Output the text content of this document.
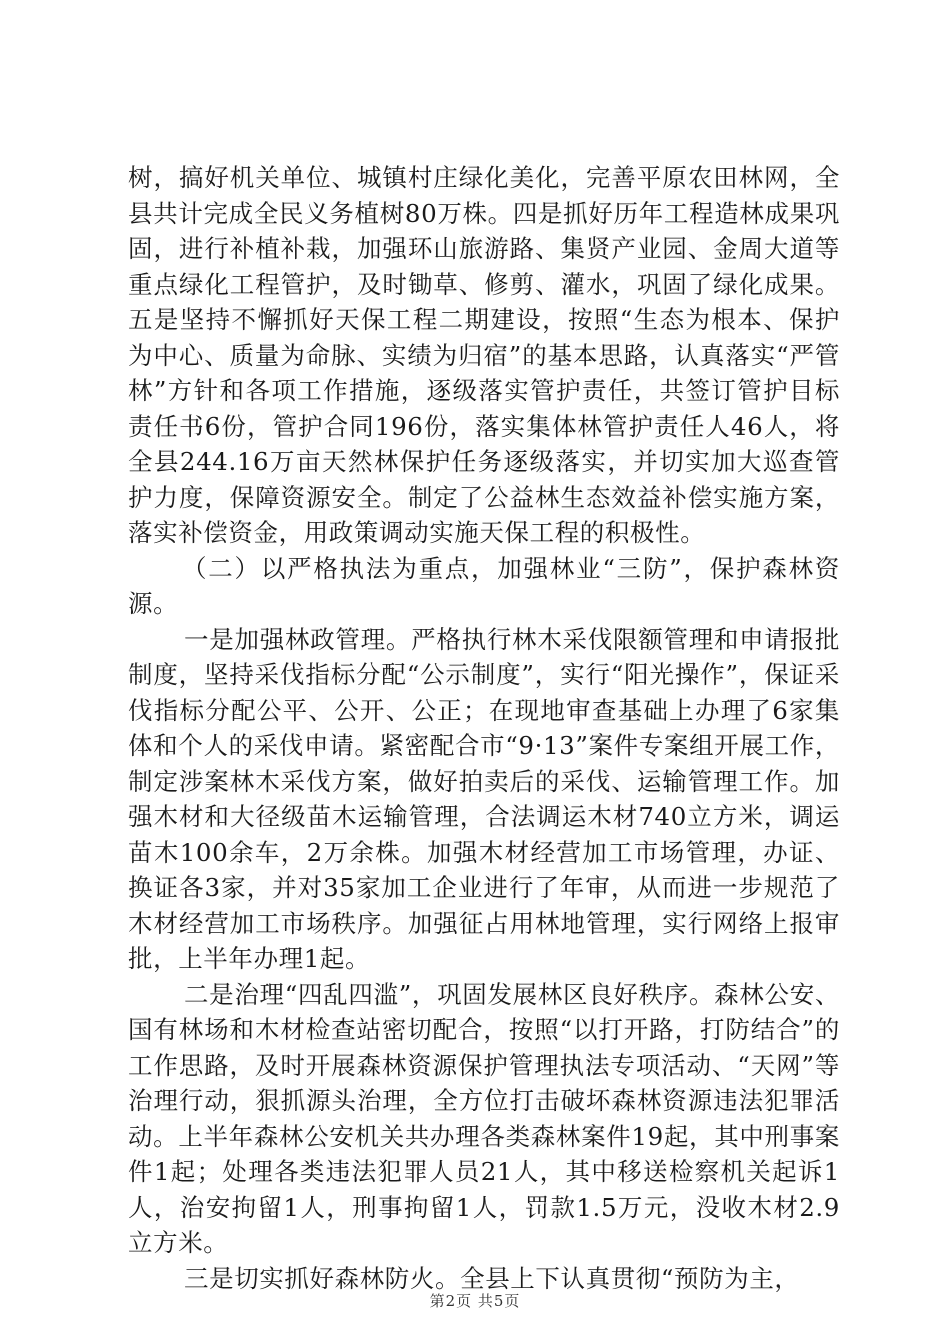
树，搞好机关单位、城镇村庄绿化美化，完善平原农田林网，全县共计完成全民义务植树80万株。四是抓好历年工程造林成果巩固，进行补植补栽，加强环山旅游路、集贤产业园、金周大道等重点绿化工程管护，及时锄草、修剪、灌水，巩固了绿化成果。五是坚持不懈抓好天保工程二期建设，按照“生态为根本、保护为中心、质量为命脉、实绩为归宿”的基本思路，认真落实“严管林”方针和各项工作措施，逐级落实管护责任，共签订管护目标责任书6份，管护合同196份，落实集体林管护责任人46人，将全县244.16万亩天然林保护任务逐级落实，并切实加大巡查管护力度，保障资源安全。制定了公益林生态效益补偿实施方案，落实补偿资金，用政策调动实施天保工程的积极性。

（二）以严格执法为重点，加强林业“三防”，保护森林资源。

一是加强林政管理。严格执行林木采伐限额管理和申请报批制度，坚持采伐指标分配“公示制度”，实行“阳光操作”，保证采伐指标分配公平、公开、公正；在现地审查基础上办理了6家集体和个人的采伐申请。紧密配合市“9·13”案件专案组开展工作，制定涉案林木采伐方案，做好拍卖后的采伐、运输管理工作。加强木材和大径级苗木运输管理，合法调运木材740立方米，调运苗木100余车，2万余株。加强木材经营加工市场管理，办证、换证各3家，并对35家加工企业进行了年审，从而进一步规范了木材经营加工市场秩序。加强征占用林地管理，实行网络上报审批，上半年办理1起。

二是治理“四乱四滥”，巩固发展林区良好秩序。森林公安、国有林场和木材检查站密切配合，按照“以打开路，打防结合”的工作思路，及时开展森林资源保护管理执法专项活动、“天网”等治理行动，狠抓源头治理，全方位打击破坏森林资源违法犯罪活动。上半年森林公安机关共办理各类森林案件19起，其中刑事案件1起；处理各类违法犯罪人员21人，其中移送检察机关起诉1人，治安拘留1人，刑事拘留1人，罚款1.5万元，没收木材2.9立方米。

三是切实抓好森林防火。全县上下认真贯彻“预防为主，

第2页 共5页
